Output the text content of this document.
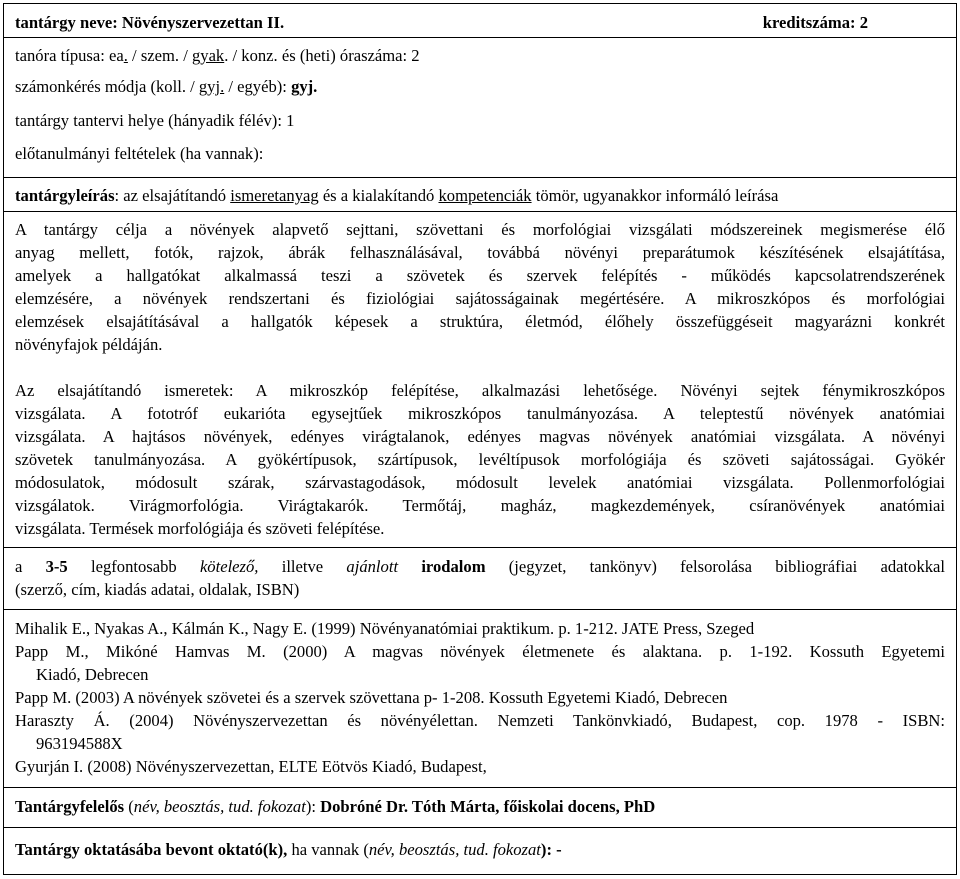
tantárgy neve: Növényszervezettan II.	kreditszáma: 2
tanóra típusa: ea. / szem. / gyak. / konz. és (heti) óraszáma: 2
számonkérés módja (koll. / gyj. / egyéb): gyj.
tantárgy tantervi helye (hányadik félév): 1
előtanulmányi feltételek (ha vannak):
tantárgyleírás: az elsajátítandó ismeretanyag és a kialakítandó kompetenciák tömör, ugyanakkor informáló leírása
A tantárgy célja a növények alapvető sejttani, szövettani és morfológiai vizsgálati módszereinek megismerése élő
anyag mellett, fotók, rajzok, ábrák felhasználásával, továbbá növényi preparátumok készítésének elsajátítása,
amelyek a hallgatókat alkalmassá teszi a szövetek és szervek felépítés - működés kapcsolatrendszerének
elemzésére, a növények rendszertani és fiziológiai sajátosságainak megértésére. A mikroszkópos és morfológiai
elemzések elsajátításával a hallgatók képesek a struktúra, életmód, élőhely összefüggéseit magyarázni konkrét
növényfajok példáján.
Az elsajátítandó ismeretek: A mikroszkóp felépítése, alkalmazási lehetősége. Növényi sejtek fénymikroszkópos
vizsgálata. A fototróf eukarióta egysejtűek mikroszkópos tanulmányozása. A teleptestű növények anatómiai
vizsgálata. A hajtásos növények, edényes virágtalanok, edényes magvas növények anatómiai vizsgálata. A növényi
szövetek tanulmányozása. A gyökértípusok, szártípusok, levéltípusok morfológiája és szöveti sajátosságai. Gyökér
módosulatok, módosult szárak, szárvastagodások, módosult levelek anatómiai vizsgálata. Pollenmorfológiai
vizsgálatok. Virágmorfológia. Virágtakarók. Termőtáj, magház, magkezdemények, csíranövények anatómiai
vizsgálata. Termések morfológiája és szöveti felépítése.
a 3-5 legfontosabb kötelező, illetve ajánlott irodalom (jegyzet, tankönyv) felsorolása bibliográfiai adatokkal
(szerző, cím, kiadás adatai, oldalak, ISBN)
Mihalik E., Nyakas A., Kálmán K., Nagy E. (1999) Növényanatómiai praktikum. p. 1-212. JATE Press, Szeged
Papp M., Mikóné Hamvas M. (2000) A magvas növények életmenete és alaktana. p. 1-192. Kossuth Egyetemi
Kiadó, Debrecen
Papp M. (2003) A növények szövetei és a szervek szövettana p- 1-208. Kossuth Egyetemi Kiadó, Debrecen
Haraszty Á. (2004) Növényszervezettan és növényélettan. Nemzeti Tankönvkiadó, Budapest, cop. 1978 - ISBN:
963194588X
Gyurján I. (2008) Növényszervezettan, ELTE Eötvös Kiadó, Budapest,
Tantárgyfelelős (név, beosztás, tud. fokozat): Dobróné Dr. Tóth Márta, főiskolai docens, PhD
Tantárgy oktatásába bevont oktató(k), ha vannak (név, beosztás, tud. fokozat): -
